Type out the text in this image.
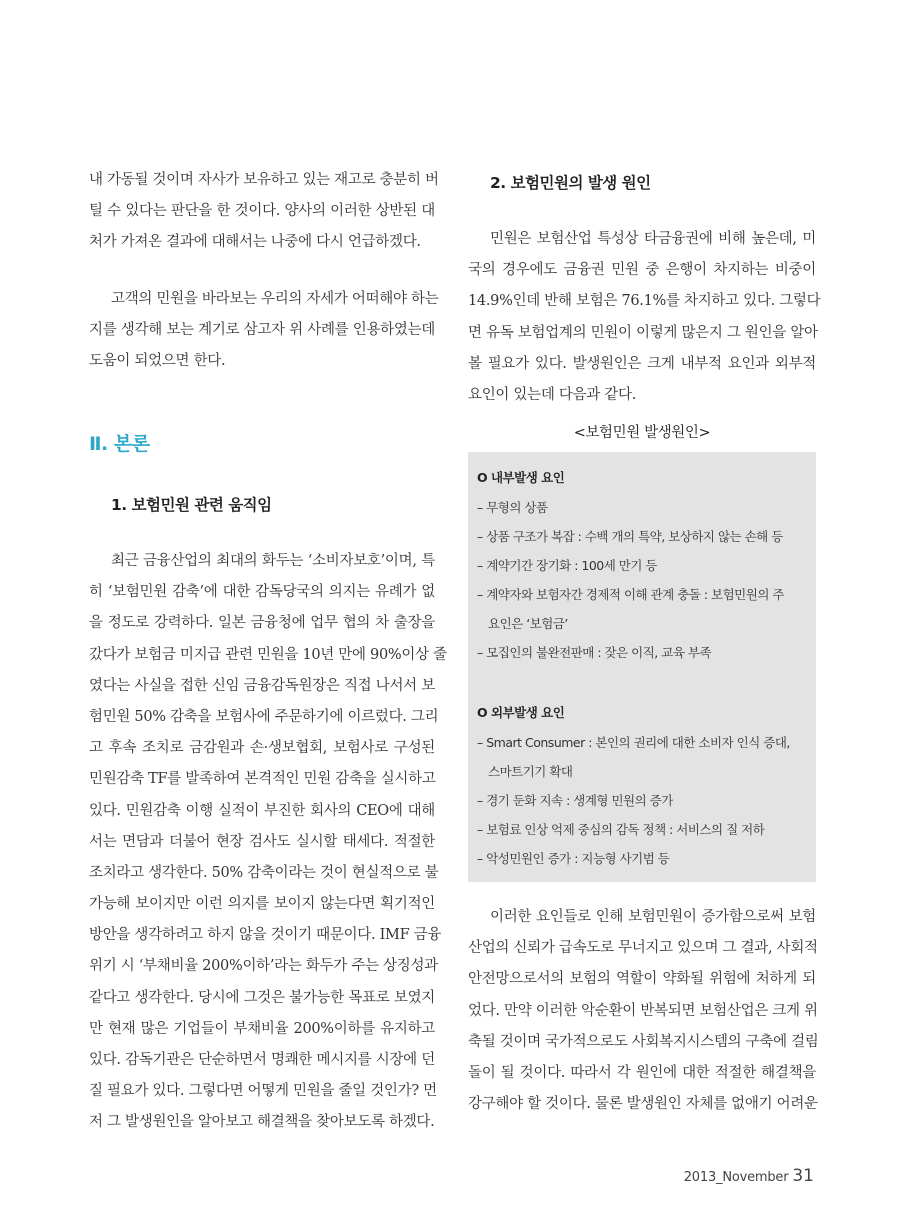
내 가동될 것이며 자사가 보유하고 있는 재고로 충분히 버
틸 수 있다는 판단을 한 것이다. 양사의 이러한 상반된 대
처가 가져온 결과에 대해서는 나중에 다시 언급하겠다.
고객의 민원을 바라보는 우리의 자세가 어떠해야 하는
지를 생각해 보는 계기로 삼고자 위 사례를 인용하였는데
도움이 되었으면 한다.
Ⅱ. 본론
1. 보험민원 관련 움직임
최근 금융산업의 최대의 화두는 ‘소비자보호’이며, 특
히 ‘보험민원 감축’에 대한 감독당국의 의지는 유례가 없
을 정도로 강력하다. 일본 금융청에 업무 협의 차 출장을
갔다가 보험금 미지급 관련 민원을 10년 만에 90%이상 줄
였다는 사실을 접한 신임 금융감독원장은 직접 나서서 보
험민원 50% 감축을 보험사에 주문하기에 이르렀다. 그리
고 후속 조치로 금감원과 손·생보협회, 보험사로 구성된
민원감축 TF를 발족하여 본격적인 민원 감축을 실시하고
있다. 민원감축 이행 실적이 부진한 회사의 CEO에 대해
서는 면담과 더불어 현장 검사도 실시할 태세다. 적절한
조치라고 생각한다. 50% 감축이라는 것이 현실적으로 불
가능해 보이지만 이런 의지를 보이지 않는다면 획기적인
방안을 생각하려고 하지 않을 것이기 때문이다. IMF 금융
위기 시 ‘부채비율 200%이하’라는 화두가 주는 상징성과
같다고 생각한다. 당시에 그것은 불가능한 목표로 보였지
만 현재 많은 기업들이 부채비율 200%이하를 유지하고
있다. 감독기관은 단순하면서 명쾌한 메시지를 시장에 던
질 필요가 있다. 그렇다면 어떻게 민원을 줄일 것인가? 먼
저 그 발생원인을 알아보고 해결책을 찾아보도록 하겠다.
2. 보험민원의 발생 원인
민원은 보험산업 특성상 타금융권에 비해 높은데, 미
국의 경우에도 금융권 민원 중 은행이 차지하는 비중이
14.9%인데 반해 보험은 76.1%를 차지하고 있다. 그렇다
면 유독 보험업계의 민원이 이렇게 많은지 그 원인을 알아
볼 필요가 있다. 발생원인은 크게 내부적 요인과 외부적
요인이 있는데 다음과 같다.
<보험민원 발생원인>
O 내부발생 요인
– 무형의 상품
– 상품 구조가 복잡 : 수백 개의 특약, 보상하지 않는 손해 등
– 계약기간 장기화 : 100세 만기 등
– 계약자와 보험자간 경제적 이해 관계 충돌 : 보험민원의 주
요인은 ‘보험금’
– 모집인의 불완전판매 : 잦은 이직, 교육 부족
O 외부발생 요인
– Smart Consumer : 본인의 권리에 대한 소비자 인식 증대,
스마트기기 확대
– 경기 둔화 지속 : 생계형 민원의 증가
– 보험료 인상 억제 중심의 감독 정책 : 서비스의 질 저하
– 악성민원인 증가 : 지능형 사기범 등
이러한 요인들로 인해 보험민원이 증가함으로써 보험
산업의 신뢰가 급속도로 무너지고 있으며 그 결과, 사회적
안전망으로서의 보험의 역할이 약화될 위험에 처하게 되
었다. 만약 이러한 악순환이 반복되면 보험산업은 크게 위
축될 것이며 국가적으로도 사회복지시스템의 구축에 걸림
돌이 될 것이다. 따라서 각 원인에 대한 적절한 해결책을
강구해야 할 것이다. 물론 발생원인 자체를 없애기 어려운
2013_November 31
